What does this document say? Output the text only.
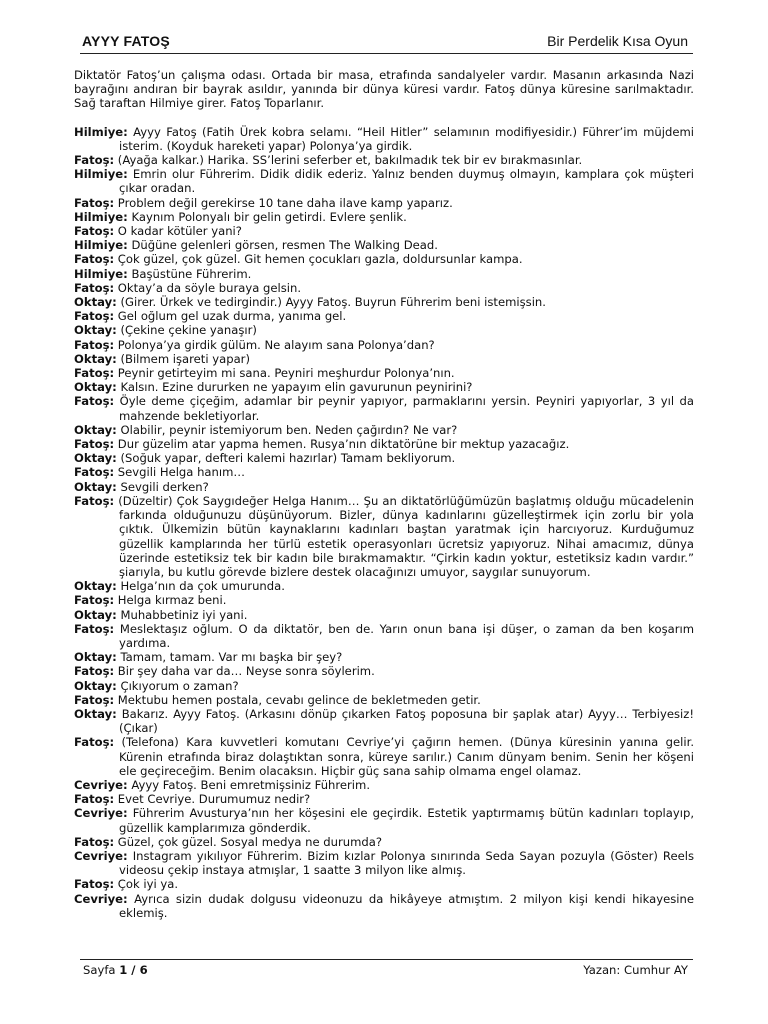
AYYY FATOŞ	Bir Perdelik Kısa Oyun

Diktatör Fatoş’un çalışma odası. Ortada bir masa, etrafında sandalyeler vardır. Masanın arkasında Nazi bayrağını andıran bir bayrak asıldır, yanında bir dünya küresi vardır. Fatoş dünya küresine sarılmaktadır. Sağ taraftan Hilmiye girer. Fatoş Toparlanır.

Hilmiye: Ayyy Fatoş (Fatih Ürek kobra selamı. “Heil Hitler” selamının modifiyesidir.) Führer’im müjdemi isterim. (Koyduk hareketi yapar) Polonya’ya girdik.
Fatoş: (Ayağa kalkar.) Harika. SS’lerini seferber et, bakılmadık tek bir ev bırakmasınlar.
Hilmiye: Emrin olur Führerim. Didik didik ederiz. Yalnız benden duymuş olmayın, kamplara çok müşteri çıkar oradan.
Fatoş: Problem değil gerekirse 10 tane daha ilave kamp yaparız.
Hilmiye: Kaynım Polonyalı bir gelin getirdi. Evlere şenlik.
Fatoş: O kadar kötüler yani?
Hilmiye: Düğüne gelenleri görsen, resmen The Walking Dead.
Fatoş: Çok güzel, çok güzel. Git hemen çocukları gazla, doldursunlar kampa.
Hilmiye: Başüstüne Führerim.
Fatoş: Oktay’a da söyle buraya gelsin.
Oktay: (Girer. Ürkek ve tedirgindir.) Ayyy Fatoş. Buyrun Führerim beni istemişsin.
Fatoş: Gel oğlum gel uzak durma, yanıma gel.
Oktay: (Çekine çekine yanaşır)
Fatoş: Polonya’ya girdik gülüm. Ne alayım sana Polonya’dan?
Oktay: (Bilmem işareti yapar)
Fatoş: Peynir getirteyim mi sana. Peyniri meşhurdur Polonya’nın.
Oktay: Kalsın. Ezine dururken ne yapayım elin gavurunun peynirini?
Fatoş: Öyle deme çiçeğim, adamlar bir peynir yapıyor, parmaklarını yersin. Peyniri yapıyorlar, 3 yıl da mahzende bekletiyorlar.
Oktay: Olabilir, peynir istemiyorum ben. Neden çağırdın? Ne var?
Fatoş: Dur güzelim atar yapma hemen. Rusya’nın diktatörüne bir mektup yazacağız.
Oktay: (Soğuk yapar, defteri kalemi hazırlar) Tamam bekliyorum.
Fatoş: Sevgili Helga hanım…
Oktay: Sevgili derken?
Fatoş: (Düzeltir) Çok Saygıdeğer Helga Hanım… Şu an diktatörlüğümüzün başlatmış olduğu mücadelenin farkında olduğunuzu düşünüyorum. Bizler, dünya kadınlarını güzelleştirmek için zorlu bir yola çıktık. Ülkemizin bütün kaynaklarını kadınları baştan yaratmak için harcıyoruz. Kurduğumuz güzellik kamplarında her türlü estetik operasyonları ücretsiz yapıyoruz. Nihai amacımız, dünya üzerinde estetiksiz tek bir kadın bile bırakmamaktır. “Çirkin kadın yoktur, estetiksiz kadın vardır.” şiarıyla, bu kutlu görevde bizlere destek olacağınızı umuyor, saygılar sunuyorum.
Oktay: Helga’nın da çok umurunda.
Fatoş: Helga kırmaz beni.
Oktay: Muhabbetiniz iyi yani.
Fatoş: Meslektaşız oğlum. O da diktatör, ben de. Yarın onun bana işi düşer, o zaman da ben koşarım yardıma.
Oktay: Tamam, tamam. Var mı başka bir şey?
Fatoş: Bir şey daha var da… Neyse sonra söylerim.
Oktay: Çıkıyorum o zaman?
Fatoş: Mektubu hemen postala, cevabı gelince de bekletmeden getir.
Oktay: Bakarız. Ayyy Fatoş. (Arkasını dönüp çıkarken Fatoş poposuna bir şaplak atar) Ayyy… Terbiyesiz! (Çıkar)
Fatoş: (Telefona) Kara kuvvetleri komutanı Cevriye’yi çağırın hemen. (Dünya küresinin yanına gelir. Kürenin etrafında biraz dolaştıktan sonra, küreye sarılır.) Canım dünyam benim. Senin her köşeni ele geçireceğim. Benim olacaksın. Hiçbir güç sana sahip olmama engel olamaz.
Cevriye: Ayyy Fatoş. Beni emretmişsiniz Führerim.
Fatoş: Evet Cevriye. Durumumuz nedir?
Cevriye: Führerim Avusturya’nın her köşesini ele geçirdik. Estetik yaptırmamış bütün kadınları toplayıp, güzellik kamplarımıza gönderdik.
Fatoş: Güzel, çok güzel. Sosyal medya ne durumda?
Cevriye: Instagram yıkılıyor Führerim. Bizim kızlar Polonya sınırında Seda Sayan pozuyla (Göster) Reels videosu çekip instaya atmışlar, 1 saatte 3 milyon like almış.
Fatoş: Çok iyi ya.
Cevriye: Ayrıca sizin dudak dolgusu videonuzu da hikâyeye atmıştım. 2 milyon kişi kendi hikayesine eklemiş.
Sayfa 1 / 6	Yazan: Cumhur AY
